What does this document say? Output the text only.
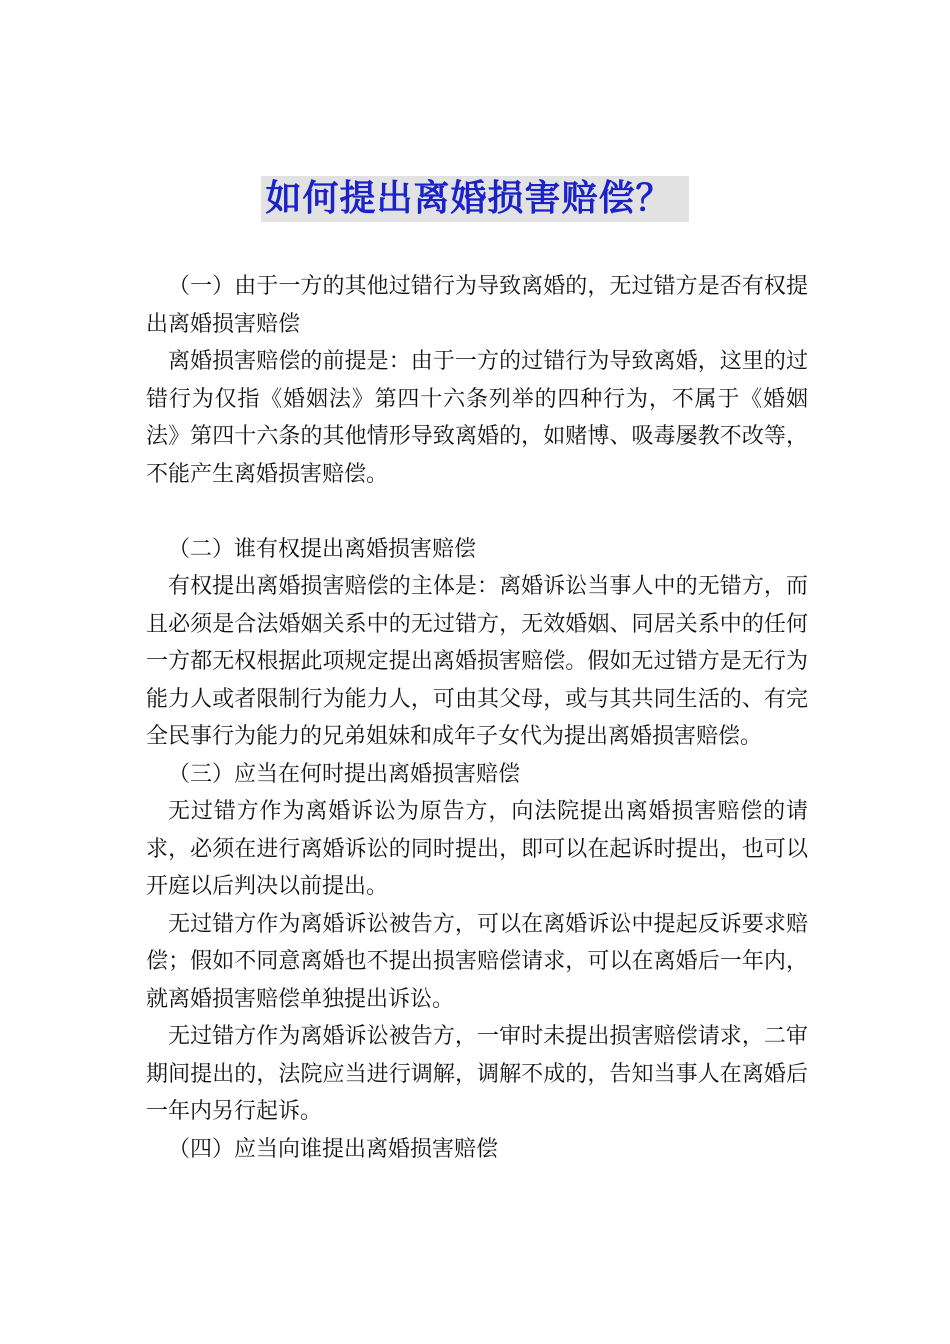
如何提出离婚损害赔偿？

（一）由于一方的其他过错行为导致离婚的，无过错方是否有权提出离婚损害赔偿

离婚损害赔偿的前提是：由于一方的过错行为导致离婚，这里的过错行为仅指《婚姻法》第四十六条列举的四种行为，不属于《婚姻法》第四十六条的其他情形导致离婚的，如赌博、吸毒屡教不改等，不能产生离婚损害赔偿。

（二）谁有权提出离婚损害赔偿

有权提出离婚损害赔偿的主体是：离婚诉讼当事人中的无错方，而且必须是合法婚姻关系中的无过错方，无效婚姻、同居关系中的任何一方都无权根据此项规定提出离婚损害赔偿。假如无过错方是无行为能力人或者限制行为能力人，可由其父母，或与其共同生活的、有完全民事行为能力的兄弟姐妹和成年子女代为提出离婚损害赔偿。

（三）应当在何时提出离婚损害赔偿

无过错方作为离婚诉讼为原告方，向法院提出离婚损害赔偿的请求，必须在进行离婚诉讼的同时提出，即可以在起诉时提出，也可以开庭以后判决以前提出。

无过错方作为离婚诉讼被告方，可以在离婚诉讼中提起反诉要求赔偿；假如不同意离婚也不提出损害赔偿请求，可以在离婚后一年内，就离婚损害赔偿单独提出诉讼。

无过错方作为离婚诉讼被告方，一审时未提出损害赔偿请求，二审期间提出的，法院应当进行调解，调解不成的，告知当事人在离婚后一年内另行起诉。

（四）应当向谁提出离婚损害赔偿
